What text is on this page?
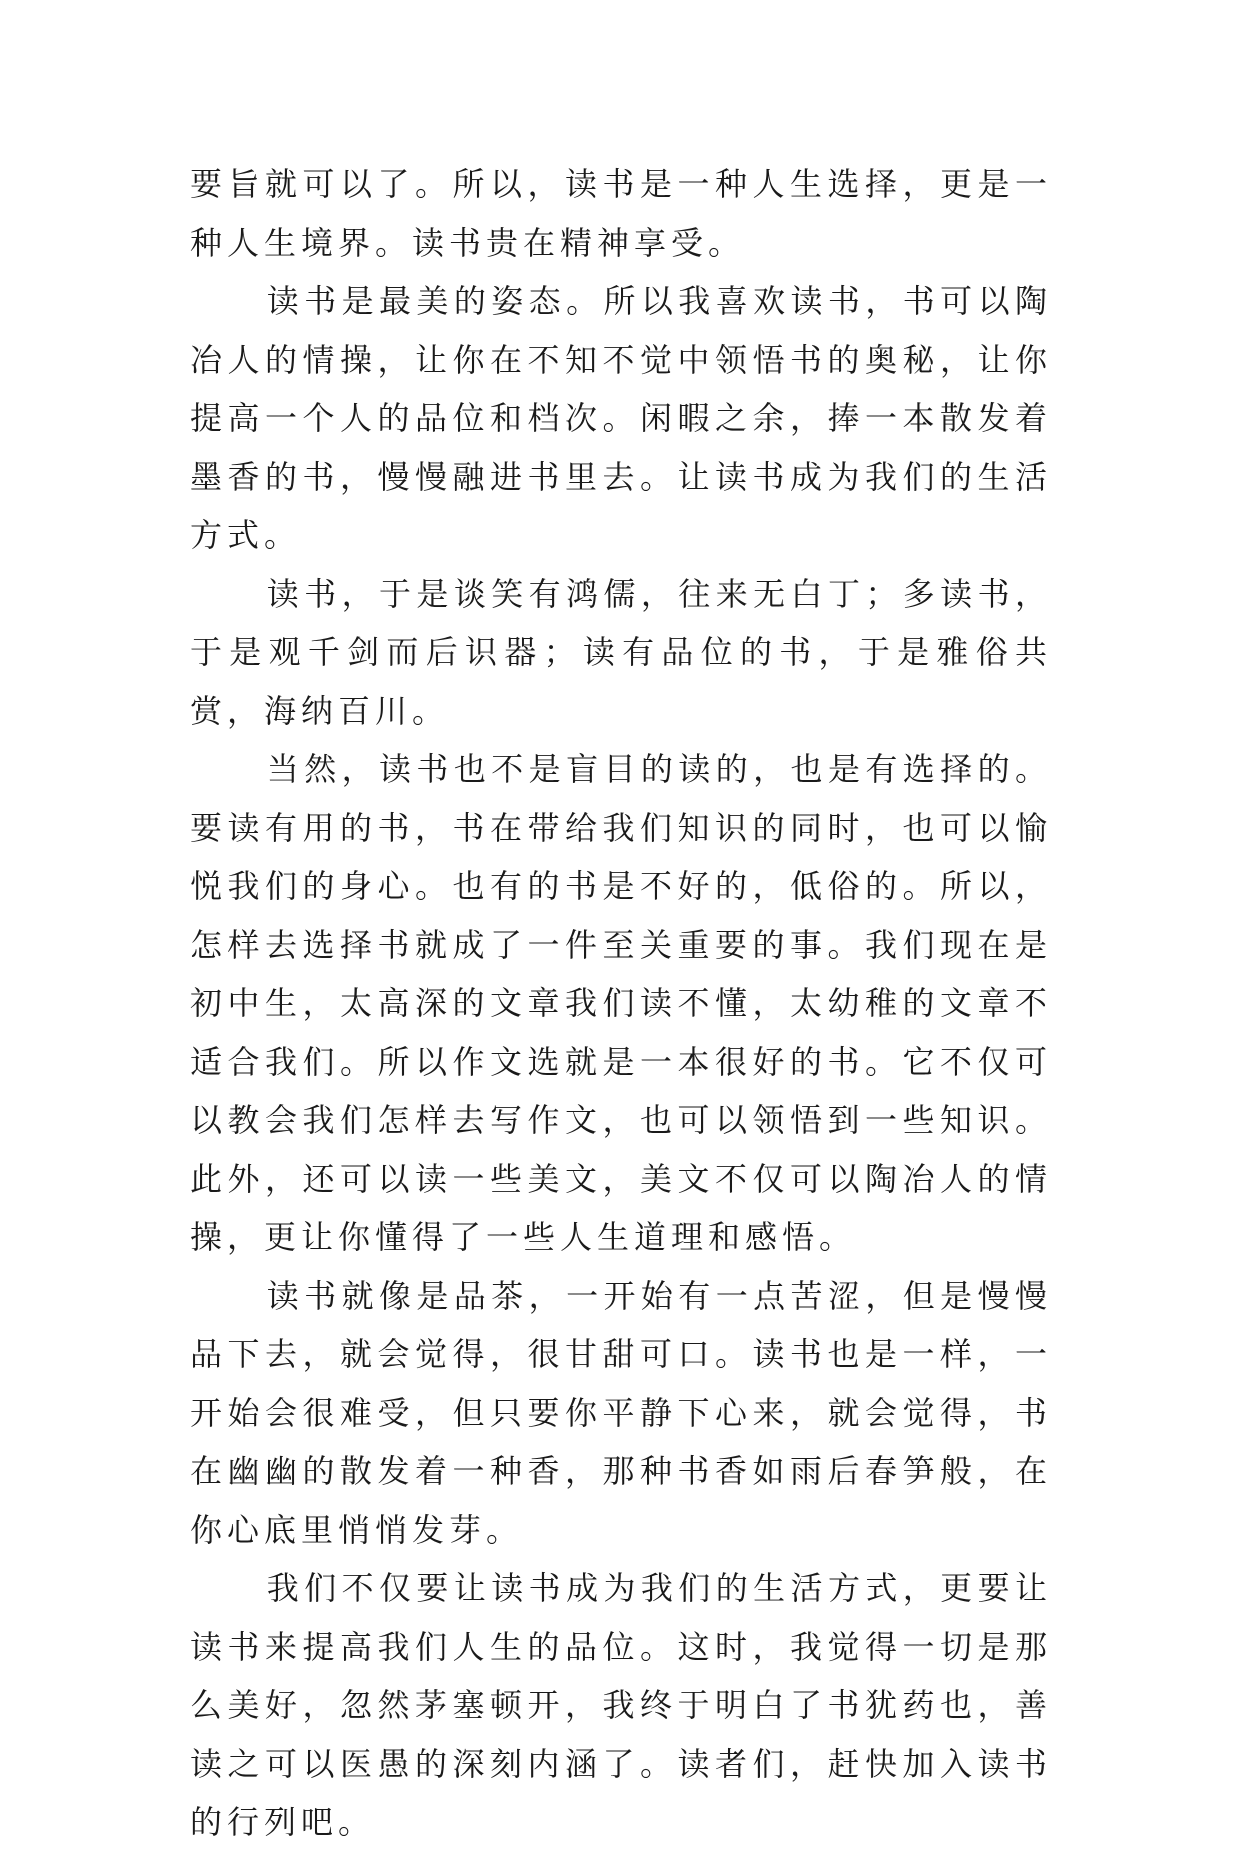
要旨就可以了。所以，读书是一种人生选择，更是一种人生境界。读书贵在精神享受。

读书是最美的姿态。所以我喜欢读书，书可以陶冶人的情操，让你在不知不觉中领悟书的奥秘，让你提高一个人的品位和档次。闲暇之余，捧一本散发着墨香的书，慢慢融进书里去。让读书成为我们的生活方式。

读书，于是谈笑有鸿儒，往来无白丁；多读书，于是观千剑而后识器；读有品位的书，于是雅俗共赏，海纳百川。

当然，读书也不是盲目的读的，也是有选择的。要读有用的书，书在带给我们知识的同时，也可以愉悦我们的身心。也有的书是不好的，低俗的。所以，怎样去选择书就成了一件至关重要的事。我们现在是初中生，太高深的文章我们读不懂，太幼稚的文章不适合我们。所以作文选就是一本很好的书。它不仅可以教会我们怎样去写作文，也可以领悟到一些知识。此外，还可以读一些美文，美文不仅可以陶冶人的情操，更让你懂得了一些人生道理和感悟。

读书就像是品茶，一开始有一点苦涩，但是慢慢品下去，就会觉得，很甘甜可口。读书也是一样，一开始会很难受，但只要你平静下心来，就会觉得，书在幽幽的散发着一种香，那种书香如雨后春笋般，在你心底里悄悄发芽。

我们不仅要让读书成为我们的生活方式，更要让读书来提高我们人生的品位。这时，我觉得一切是那么美好，忽然茅塞顿开，我终于明白了书犹药也，善读之可以医愚的深刻内涵了。读者们，赶快加入读书的行列吧。
